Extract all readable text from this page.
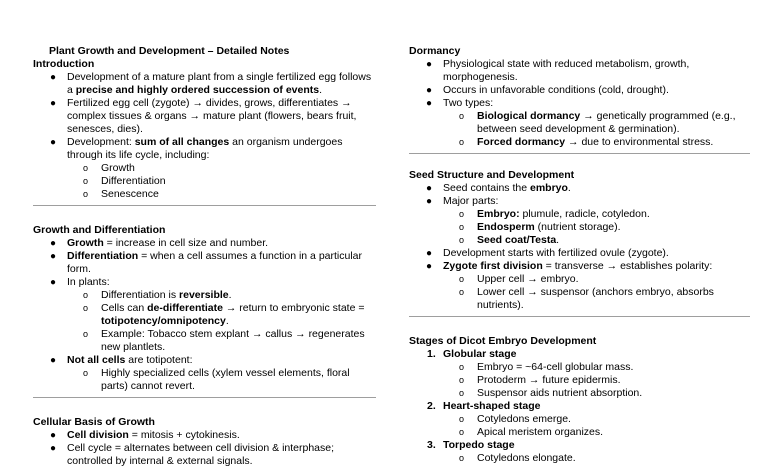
Plant Growth and Development – Detailed Notes

Introduction

● Development of a mature plant from a single fertilized egg follows a precise and highly ordered succession of events.
● Fertilized egg cell (zygote) → divides, grows, differentiates → complex tissues & organs → mature plant (flowers, bears fruit, senesces, dies).
● Development: sum of all changes an organism undergoes through its life cycle, including:
o Growth
o Differentiation
o Senescence

Growth and Differentiation

● Growth = increase in cell size and number.
● Differentiation = when a cell assumes a function in a particular form.
● In plants:
o Differentiation is reversible.
o Cells can de-differentiate → return to embryonic state = totipotency/omnipotency.
o Example: Tobacco stem explant → callus → regenerates new plantlets.
● Not all cells are totipotent:
o Highly specialized cells (xylem vessel elements, floral parts) cannot revert.

Cellular Basis of Growth

● Cell division = mitosis + cytokinesis.
● Cell cycle = alternates between cell division & interphase; controlled by internal & external signals.

Dormancy

● Physiological state with reduced metabolism, growth, morphogenesis.
● Occurs in unfavorable conditions (cold, drought).
● Two types:
o Biological dormancy → genetically programmed (e.g., between seed development & germination).
o Forced dormancy → due to environmental stress.

Seed Structure and Development

● Seed contains the embryo.
● Major parts:
o Embryo: plumule, radicle, cotyledon.
o Endosperm (nutrient storage).
o Seed coat/Testa.
● Development starts with fertilized ovule (zygote).
● Zygote first division = transverse → establishes polarity:
o Upper cell → embryo.
o Lower cell → suspensor (anchors embryo, absorbs nutrients).

Stages of Dicot Embryo Development

1. Globular stage
o Embryo = ~64-cell globular mass.
o Protoderm → future epidermis.
o Suspensor aids nutrient absorption.
2. Heart-shaped stage
o Cotyledons emerge.
o Apical meristem organizes.
3. Torpedo stage
o Cotyledons elongate.
